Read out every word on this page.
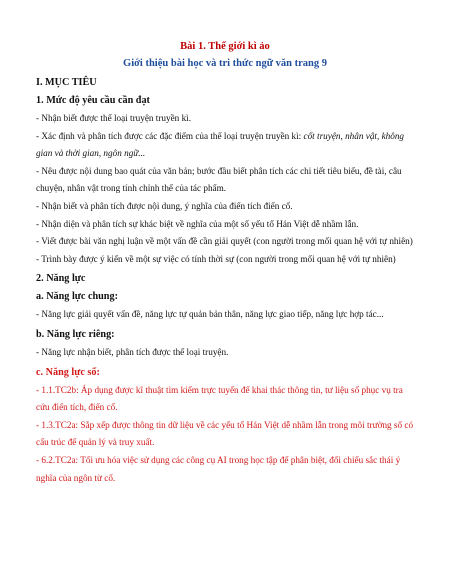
Bài 1. Thế giới kì ảo
Giới thiệu bài học và tri thức ngữ văn trang 9
I. MỤC TIÊU
1. Mức độ yêu cầu cần đạt

- Nhận biết được thể loại truyện truyền kì.

- Xác định và phân tích được các đặc điểm của thể loại truyện truyền kì: cốt truyện, nhân vật, không gian và thời gian, ngôn ngữ...

- Nêu được nội dung bao quát của văn bản; bước đầu biết phân tích các chi tiết tiêu biểu, đề tài, câu chuyện, nhân vật trong tính chỉnh thể của tác phẩm.

- Nhận biết và phân tích được nội dung, ý nghĩa của điển tích điển cố.

- Nhận diện và phân tích sự khác biệt về nghĩa của một số yếu tố Hán Việt dễ nhầm lẫn.

- Viết được bài văn nghị luận về một vấn đề cần giải quyết (con người trong mối quan hệ với tự nhiên)

- Trình bày được ý kiến về một sự việc có tính thời sự (con người trong mối quan hệ với tự nhiên)

2. Năng lực
a. Năng lực chung:

- Năng lực giải quyết vấn đề, năng lực tự quản bản thân, năng lực giao tiếp, năng lực hợp tác...

b. Năng lực riêng:

- Năng lực nhận biết, phân tích được thể loại truyện.

c. Năng lực số:

- 1.1.TC2b: Áp dụng được kĩ thuật tìm kiếm trực tuyến để khai thác thông tin, tư liệu số phục vụ tra cứu điển tích, điển cố.

- 1.3.TC2a: Sắp xếp được thông tin dữ liệu về các yếu tố Hán Việt dễ nhầm lẫn trong môi trường số có cấu trúc để quản lý và truy xuất.

- 6.2.TC2a: Tối ưu hóa việc sử dụng các công cụ AI trong học tập để phân biệt, đối chiếu sắc thái ý nghĩa của ngôn từ cổ.
